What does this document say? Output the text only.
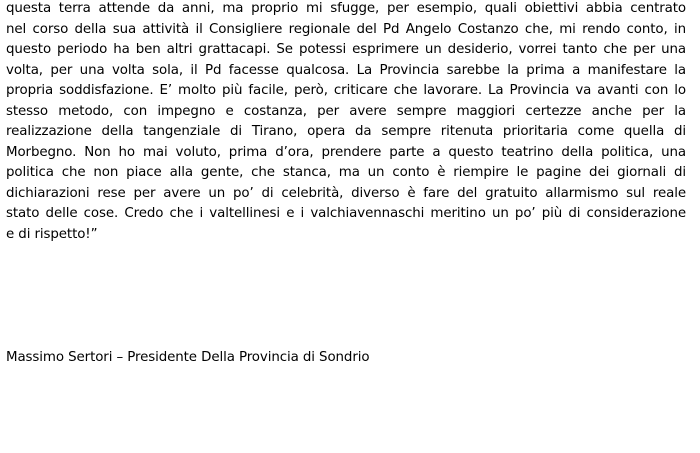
questa terra attende da anni, ma proprio mi sfugge, per esempio, quali obiettivi abbia centrato
nel corso della sua attività il Consigliere regionale del Pd Angelo Costanzo che, mi rendo conto, in
questo periodo ha ben altri grattacapi. Se potessi esprimere un desiderio, vorrei tanto che per una
volta, per una volta sola, il Pd facesse qualcosa. La Provincia sarebbe la prima a manifestare la
propria soddisfazione. E’ molto più facile, però, criticare che lavorare. La Provincia va avanti con lo
stesso metodo, con impegno e costanza, per avere sempre maggiori certezze anche per la
realizzazione della tangenziale di Tirano, opera da sempre ritenuta prioritaria come quella di
Morbegno. Non ho mai voluto, prima d’ora, prendere parte a questo teatrino della politica, una
politica che non piace alla gente, che stanca, ma un conto è riempire le pagine dei giornali di
dichiarazioni rese per avere un po’ di celebrità, diverso è fare del gratuito allarmismo sul reale
stato delle cose. Credo che i valtellinesi e i valchiavennaschi meritino un po’ più di considerazione
e di rispetto!”

Massimo Sertori – Presidente Della Provincia di Sondrio
